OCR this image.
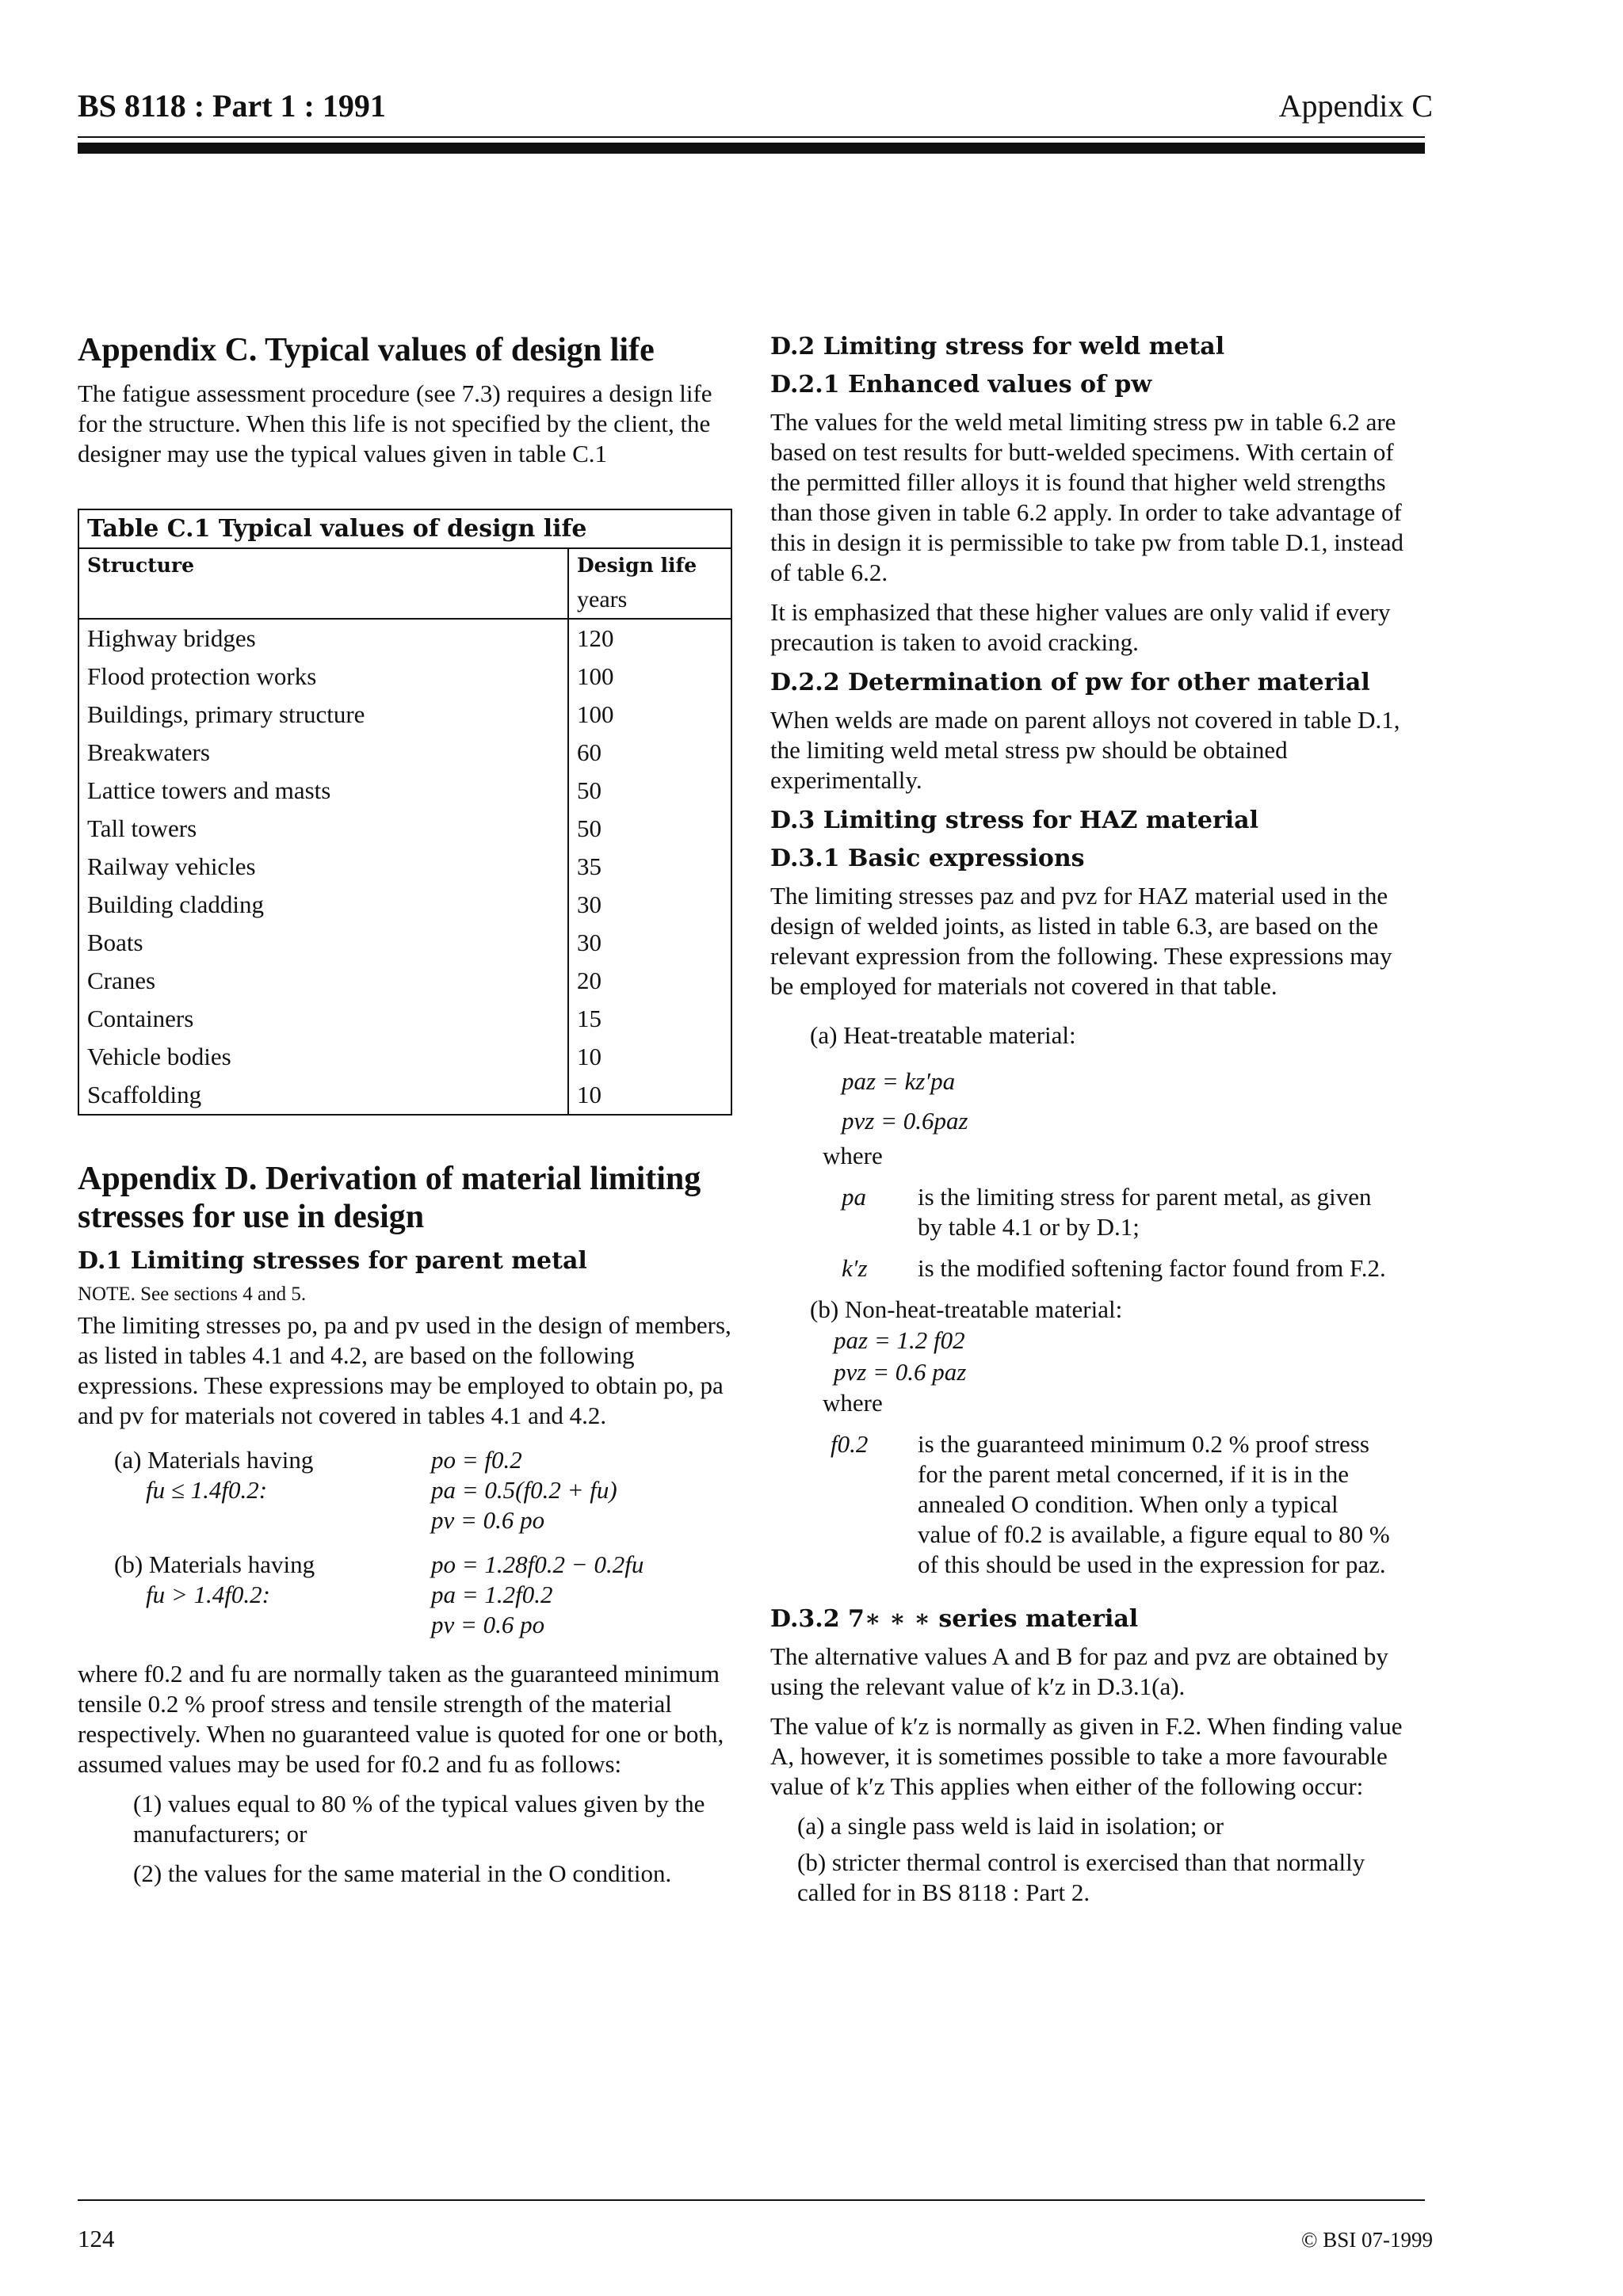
BS 8118 : Part 1 : 1991	Appendix C
Appendix C. Typical values of design life

The fatigue assessment procedure (see 7.3) requires a design life for the structure. When this life is not specified by the client, the designer may use the typical values given in table C.1

Table C.1 Typical values of design life	
Structure	Design life
	years
Highway bridges	120
Flood protection works	100
Buildings, primary structure	100
Breakwaters	60
Lattice towers and masts	50
Tall towers	50
Railway vehicles	35
Building cladding	30
Boats	30
Cranes	20
Containers	15
Vehicle bodies	10
Scaffolding	10
Appendix D. Derivation of material limiting stresses for use in design
D.1 Limiting stresses for parent metal
NOTE. See sections 4 and 5.

The limiting stresses po, pa and pv used in the design of members, as listed in tables 4.1 and 4.2, are based on the following expressions. These expressions may be employed to obtain po, pa and pv for materials not covered in tables 4.1 and 4.2.

(a) Materials having
fu ≤ 1.4f0.2:
po = f0.2
pa = 0.5(f0.2 + fu)
pv = 0.6 po
(b) Materials having
fu > 1.4f0.2:
po = 1.28f0.2 − 0.2fu
pa = 1.2f0.2
pv = 0.6 po

where f0.2 and fu are normally taken as the guaranteed minimum tensile 0.2 % proof stress and tensile strength of the material respectively. When no guaranteed value is quoted for one or both, assumed values may be used for f0.2 and fu as follows:

(1) values equal to 80 % of the typical values given by the manufacturers; or
(2) the values for the same material in the O condition.
D.2 Limiting stress for weld metal
D.2.1 Enhanced values of pw

The values for the weld metal limiting stress pw in table 6.2 are based on test results for butt-welded specimens. With certain of the permitted filler alloys it is found that higher weld strengths than those given in table 6.2 apply. In order to take advantage of this in design it is permissible to take pw from table D.1, instead of table 6.2.

It is emphasized that these higher values are only valid if every precaution is taken to avoid cracking.

D.2.2 Determination of pw for other material

When welds are made on parent alloys not covered in table D.1, the limiting weld metal stress pw should be obtained experimentally.

D.3 Limiting stress for HAZ material
D.3.1 Basic expressions

The limiting stresses paz and pvz for HAZ material used in the design of welded joints, as listed in table 6.3, are based on the relevant expression from the following. These expressions may be employed for materials not covered in that table.

(a) Heat-treatable material:
paz = kz′pa
pvz = 0.6paz
where
pa	is the limiting stress for parent metal, as given by table 4.1 or by D.1;
k′z	is the modified softening factor found from F.2.
(b) Non-heat-treatable material:
paz = 1.2 f02
pvz = 0.6 paz
where
f0.2	is the guaranteed minimum 0.2 % proof stress for the parent metal concerned, if it is in the annealed O condition. When only a typical value of f0.2 is available, a figure equal to 80 % of this should be used in the expression for paz.
D.3.2 7∗ ∗ ∗ series material

The alternative values A and B for paz and pvz are obtained by using the relevant value of k′z in D.3.1(a).

The value of k′z is normally as given in F.2. When finding value A, however, it is sometimes possible to take a more favourable value of k′z This applies when either of the following occur:

(a) a single pass weld is laid in isolation; or
(b) stricter thermal control is exercised than that normally called for in BS 8118 : Part 2.
124	© BSI 07-1999
